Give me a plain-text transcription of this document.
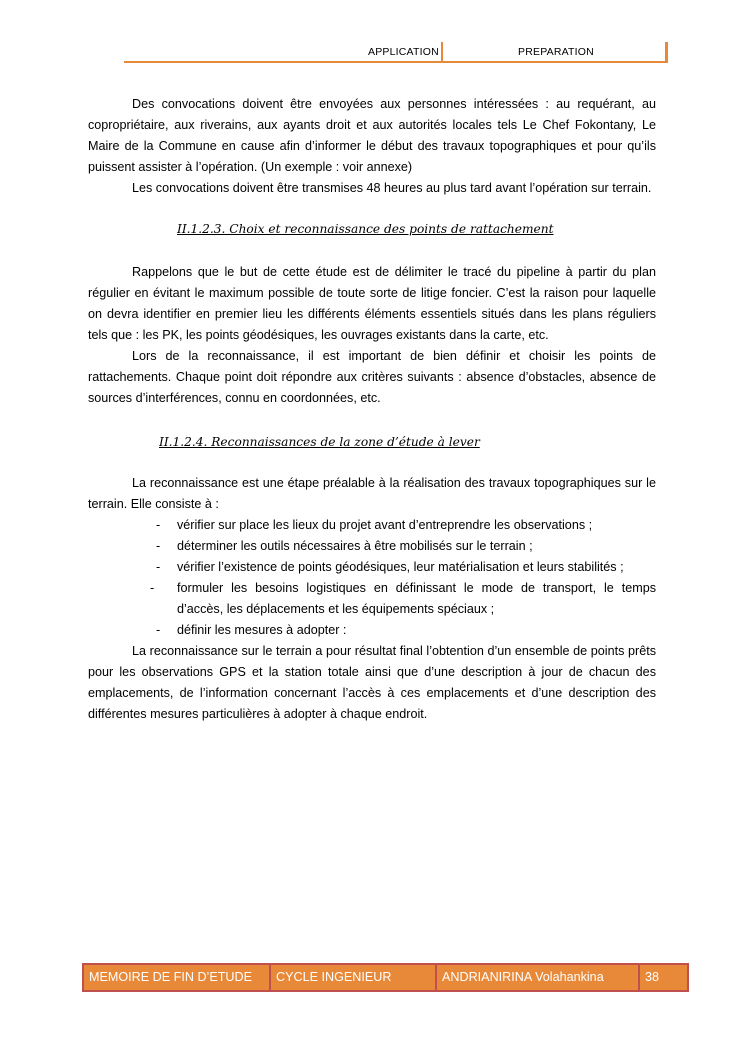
APPLICATION	PREPARATION

Des convocations doivent être envoyées aux personnes intéressées : au requérant, au copropriétaire, aux riverains, aux ayants droit et aux autorités locales tels Le Chef Fokontany, Le Maire de la Commune en cause afin d’informer le début des travaux topographiques et pour qu’ils puissent assister à l’opération. (Un exemple : voir annexe)

Les convocations doivent être transmises 48 heures au plus tard avant l’opération sur terrain.

II.1.2.3. Choix et reconnaissance des points de rattachement

Rappelons que le but de cette étude est de délimiter le tracé du pipeline à partir du plan régulier en évitant le maximum possible de toute sorte de litige foncier. C’est la raison pour laquelle on devra identifier en premier lieu les différents éléments essentiels situés dans les plans réguliers tels que : les PK, les points géodésiques, les ouvrages existants dans la carte, etc.

Lors de la reconnaissance, il est important de bien définir et choisir les points de rattachements. Chaque point doit répondre aux critères suivants : absence d’obstacles, absence de sources d’interférences, connu en coordonnées, etc.

II.1.2.4. Reconnaissances de la zone d’étude à lever

La reconnaissance est une étape préalable à la réalisation des travaux topographiques sur le terrain. Elle consiste à :

- vérifier sur place les lieux du projet avant d’entreprendre les observations ;
- déterminer les outils nécessaires à être mobilisés sur le terrain ;
- vérifier l’existence de points géodésiques, leur matérialisation et leurs stabilités ;
- formuler les besoins logistiques en définissant le mode de transport, le temps d’accès, les déplacements et les équipements spéciaux ;
- définir les mesures à adopter :

La reconnaissance sur le terrain a pour résultat final l’obtention d’un ensemble de points prêts pour les observations GPS et la station totale ainsi que d’une description à jour de chacun des emplacements, de l’information concernant l’accès à ces emplacements et d’une description des différentes mesures particulières à adopter à chaque endroit.

MEMOIRE DE FIN D’ETUDE	CYCLE INGENIEUR	ANDRIANIRINA Volahankina	38
